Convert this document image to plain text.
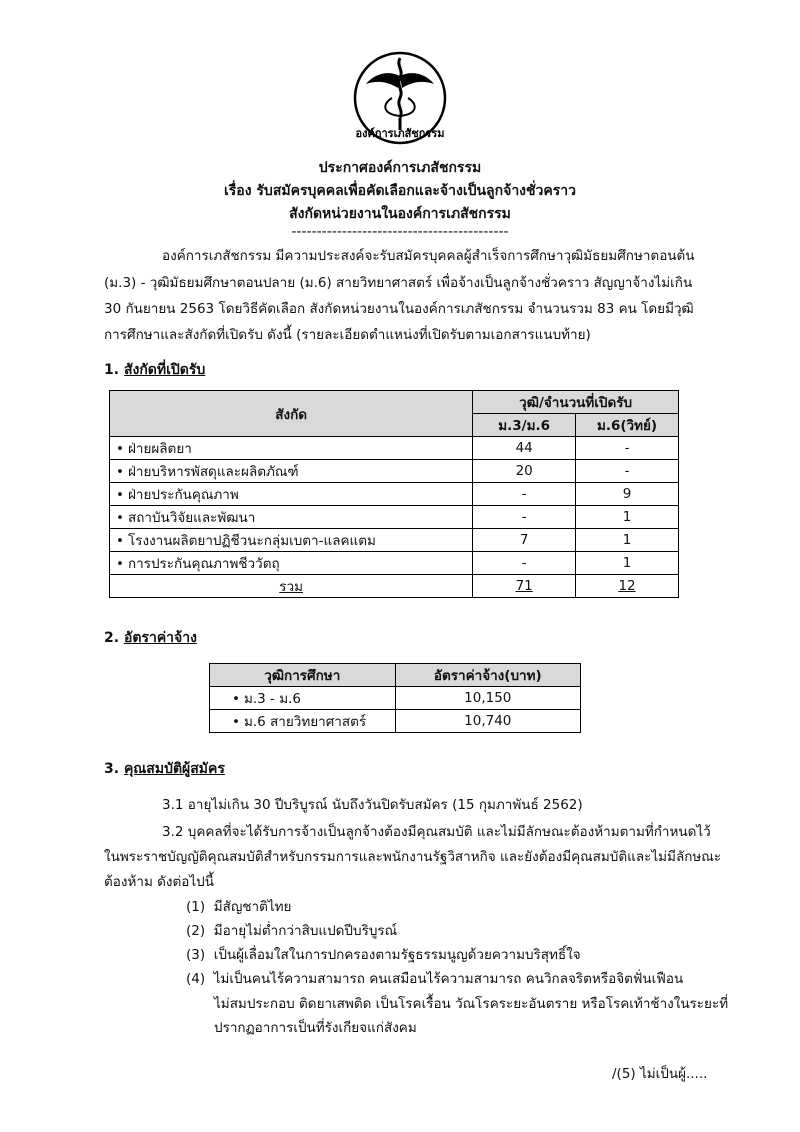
องค์การเภสัชกรรม
ประกาศองค์การเภสัชกรรม
เรื่อง รับสมัครบุคคลเพื่อคัดเลือกและจ้างเป็นลูกจ้างชั่วคราว
สังกัดหน่วยงานในองค์การเภสัชกรรม
-------------------------------------------
องค์การเภสัชกรรม มีความประสงค์จะรับสมัครบุคคลผู้สำเร็จการศึกษาวุฒิมัธยมศึกษาตอนต้น
(ม.3) - วุฒิมัธยมศึกษาตอนปลาย (ม.6) สายวิทยาศาสตร์ เพื่อจ้างเป็นลูกจ้างชั่วคราว สัญญาจ้างไม่เกิน
30 กันยายน 2563 โดยวิธีคัดเลือก สังกัดหน่วยงานในองค์การเภสัชกรรม จำนวนรวม 83 คน โดยมีวุฒิ
การศึกษาและสังกัดที่เปิดรับ ดังนี้ (รายละเอียดตำแหน่งที่เปิดรับตามเอกสารแนบท้าย)
1. สังกัดที่เปิดรับ
สังกัด	วุฒิ/จำนวนที่เปิดรับ	
	ม.3/ม.6	ม.6(วิทย์)
• ฝ่ายผลิตยา	44	-
• ฝ่ายบริหารพัสดุและผลิตภัณฑ์	20	-
• ฝ่ายประกันคุณภาพ	-	9
• สถาบันวิจัยและพัฒนา	-	1
• โรงงานผลิตยาปฏิชีวนะกลุ่มเบตา-แลคแตม	7	1
• การประกันคุณภาพชีววัตถุ	-	1
รวม	71	12
2. อัตราค่าจ้าง
วุฒิการศึกษา	อัตราค่าจ้าง(บาท)
• ม.3 - ม.6	10,150
• ม.6 สายวิทยาศาสตร์	10,740
3. คุณสมบัติผู้สมัคร
3.1 อายุไม่เกิน 30 ปีบริบูรณ์ นับถึงวันปิดรับสมัคร (15 กุมภาพันธ์ 2562)
3.2 บุคคลที่จะได้รับการจ้างเป็นลูกจ้างต้องมีคุณสมบัติ และไม่มีลักษณะต้องห้ามตามที่กำหนดไว้
ในพระราชบัญญัติคุณสมบัติสำหรับกรรมการและพนักงานรัฐวิสาหกิจ และยังต้องมีคุณสมบัติและไม่มีลักษณะ
ต้องห้าม ดังต่อไปนี้
(1) มีสัญชาติไทย
(2) มีอายุไม่ต่ำกว่าสิบแปดปีบริบูรณ์
(3) เป็นผู้เลื่อมใสในการปกครองตามรัฐธรรมนูญด้วยความบริสุทธิ์ใจ
(4) ไม่เป็นคนไร้ความสามารถ คนเสมือนไร้ความสามารถ คนวิกลจริตหรือจิตฟั่นเฟือน
ไม่สมประกอบ ติดยาเสพติด เป็นโรคเรื้อน วัณโรคระยะอันตราย หรือโรคเท้าช้างในระยะที่
ปรากฏอาการเป็นที่รังเกียจแก่สังคม
/(5) ไม่เป็นผู้.....
